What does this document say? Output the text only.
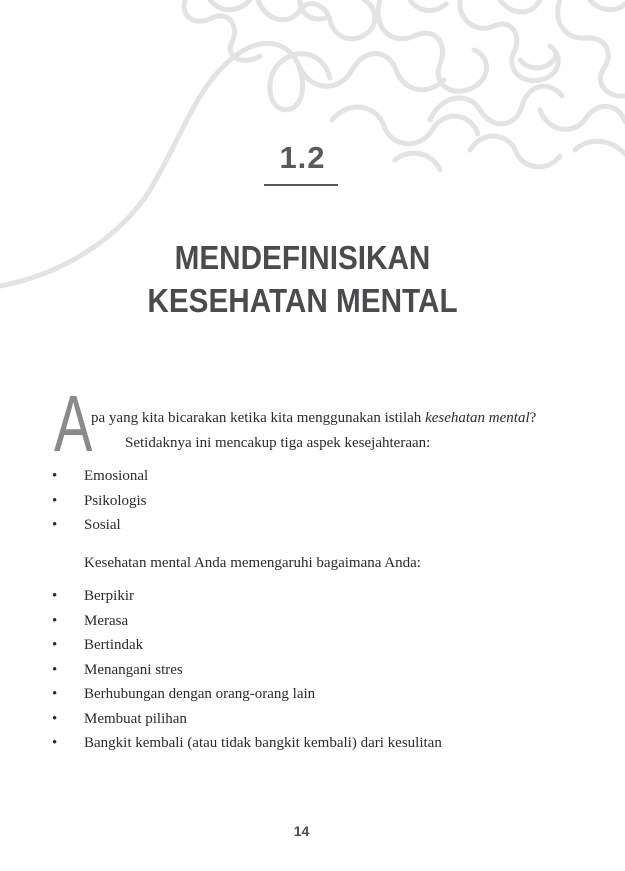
1.2
MENDEFINISIKAN
KESEHATAN MENTAL
A
pa yang kita bicarakan ketika kita menggunakan istilah kesehatan mental?
Setidaknya ini mencakup tiga aspek kesejahteraan:
• Emosional
• Psikologis
• Sosial
Kesehatan mental Anda memengaruhi bagaimana Anda:
• Berpikir
• Merasa
• Bertindak
• Menangani stres
• Berhubungan dengan orang-orang lain
• Membuat pilihan
• Bangkit kembali (atau tidak bangkit kembali) dari kesulitan
14
